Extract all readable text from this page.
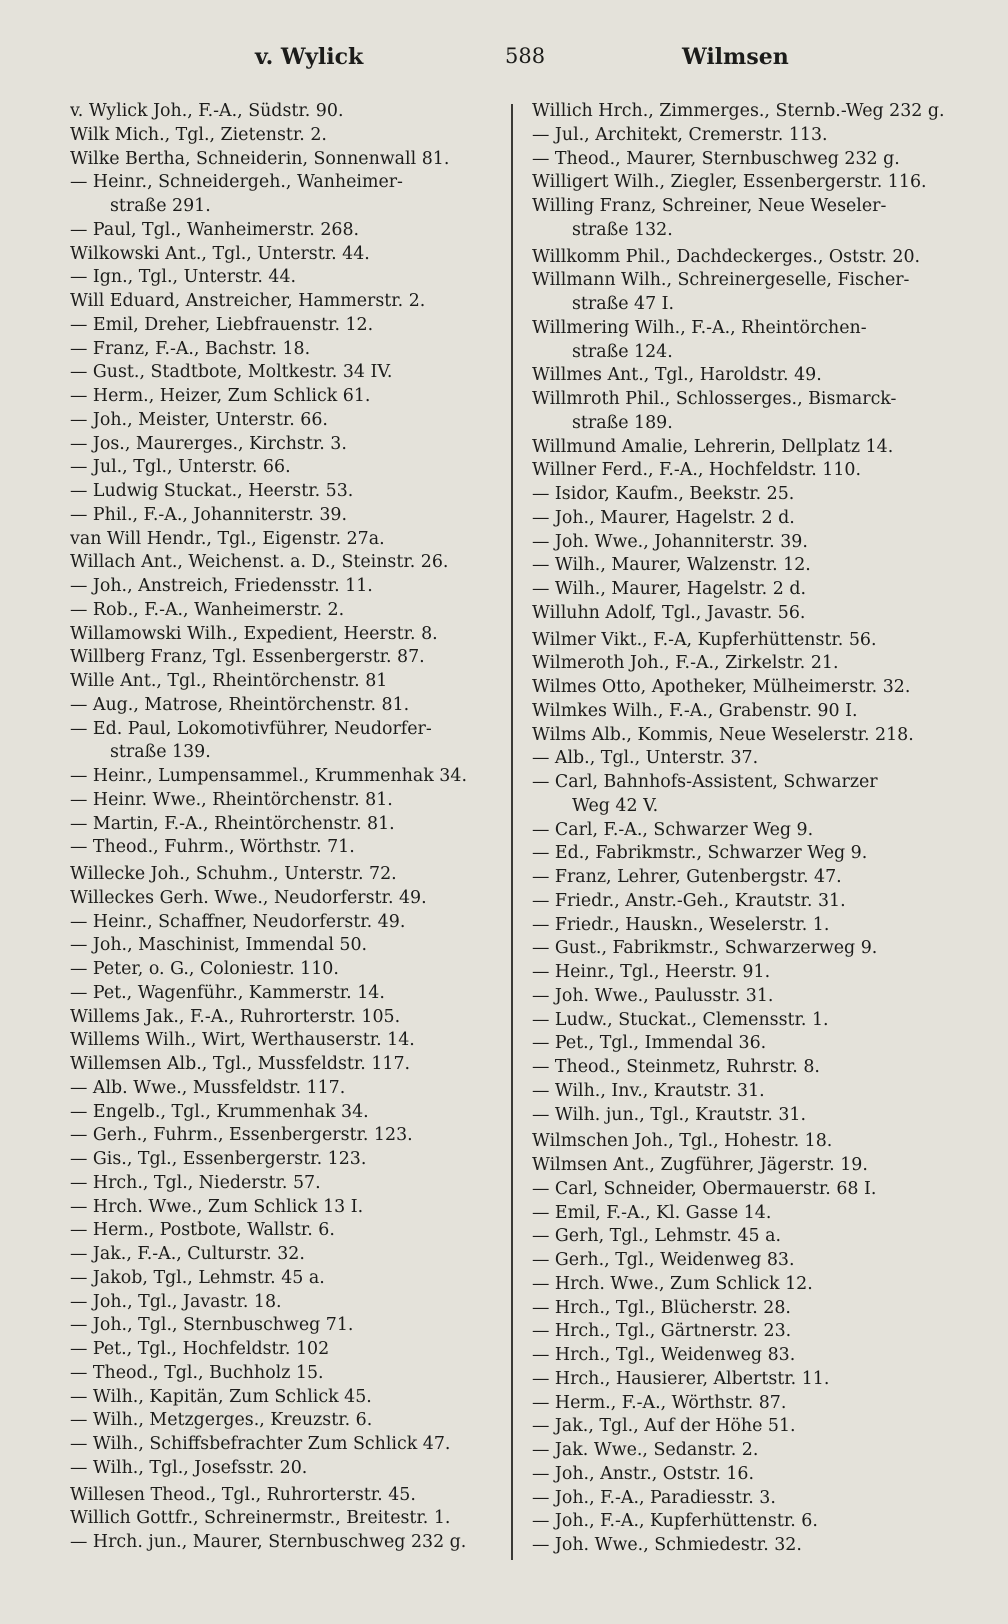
v. Wylick	588	Wilmsen
v. Wylick Joh., F.-A., Südstr. 90.
Wilk Mich., Tgl., Zietenstr. 2.
Wilke Bertha, Schneiderin, Sonnenwall 81.
— Heinr., Schneidergeh., Wanheimer-
straße 291.
— Paul, Tgl., Wanheimerstr. 268.
Wilkowski Ant., Tgl., Unterstr. 44.
— Ign., Tgl., Unterstr. 44.
Will Eduard, Anstreicher, Hammerstr. 2.
— Emil, Dreher, Liebfrauenstr. 12.
— Franz, F.-A., Bachstr. 18.
— Gust., Stadtbote, Moltkestr. 34 IV.
— Herm., Heizer, Zum Schlick 61.
— Joh., Meister, Unterstr. 66.
— Jos., Maurerges., Kirchstr. 3.
— Jul., Tgl., Unterstr. 66.
— Ludwig Stuckat., Heerstr. 53.
— Phil., F.-A., Johanniterstr. 39.
van Will Hendr., Tgl., Eigenstr. 27a.
Willach Ant., Weichenst. a. D., Steinstr. 26.
— Joh., Anstreich, Friedensstr. 11.
— Rob., F.-A., Wanheimerstr. 2.
Willamowski Wilh., Expedient, Heerstr. 8.
Willberg Franz, Tgl. Essenbergerstr. 87.
Wille Ant., Tgl., Rheintörchenstr. 81
— Aug., Matrose, Rheintörchenstr. 81.
— Ed. Paul, Lokomotivführer, Neudorfer-
straße 139.
— Heinr., Lumpensammel., Krummenhak 34.
— Heinr. Wwe., Rheintörchenstr. 81.
— Martin, F.-A., Rheintörchenstr. 81.
— Theod., Fuhrm., Wörthstr. 71.
Willecke Joh., Schuhm., Unterstr. 72.
Willeckes Gerh. Wwe., Neudorferstr. 49.
— Heinr., Schaffner, Neudorferstr. 49.
— Joh., Maschinist, Immendal 50.
— Peter, o. G., Coloniestr. 110.
— Pet., Wagenführ., Kammerstr. 14.
Willems Jak., F.-A., Ruhrorterstr. 105.
Willems Wilh., Wirt, Werthauserstr. 14.
Willemsen Alb., Tgl., Mussfeldstr. 117.
— Alb. Wwe., Mussfeldstr. 117.
— Engelb., Tgl., Krummenhak 34.
— Gerh., Fuhrm., Essenbergerstr. 123.
— Gis., Tgl., Essenbergerstr. 123.
— Hrch., Tgl., Niederstr. 57.
— Hrch. Wwe., Zum Schlick 13 I.
— Herm., Postbote, Wallstr. 6.
— Jak., F.-A., Culturstr. 32.
— Jakob, Tgl., Lehmstr. 45 a.
— Joh., Tgl., Javastr. 18.
— Joh., Tgl., Sternbuschweg 71.
— Pet., Tgl., Hochfeldstr. 102
— Theod., Tgl., Buchholz 15.
— Wilh., Kapitän, Zum Schlick 45.
— Wilh., Metzgerges., Kreuzstr. 6.
— Wilh., Schiffsbefrachter Zum Schlick 47.
— Wilh., Tgl., Josefsstr. 20.
Willesen Theod., Tgl., Ruhrorterstr. 45.
Willich Gottfr., Schreinermstr., Breitestr. 1.
— Hrch. jun., Maurer, Sternbuschweg 232 g.
Willich Hrch., Zimmerges., Sternb.-Weg 232 g.
— Jul., Architekt, Cremerstr. 113.
— Theod., Maurer, Sternbuschweg 232 g.
Willigert Wilh., Ziegler, Essenbergerstr. 116.
Willing Franz, Schreiner, Neue Weseler-
straße 132.
Willkomm Phil., Dachdeckerges., Oststr. 20.
Willmann Wilh., Schreinergeselle, Fischer-
straße 47 I.
Willmering Wilh., F.-A., Rheintörchen-
straße 124.
Willmes Ant., Tgl., Haroldstr. 49.
Willmroth Phil., Schlosserges., Bismarck-
straße 189.
Willmund Amalie, Lehrerin, Dellplatz 14.
Willner Ferd., F.-A., Hochfeldstr. 110.
— Isidor, Kaufm., Beekstr. 25.
— Joh., Maurer, Hagelstr. 2 d.
— Joh. Wwe., Johanniterstr. 39.
— Wilh., Maurer, Walzenstr. 12.
— Wilh., Maurer, Hagelstr. 2 d.
Willuhn Adolf, Tgl., Javastr. 56.
Wilmer Vikt., F.-A, Kupferhüttenstr. 56.
Wilmeroth Joh., F.-A., Zirkelstr. 21.
Wilmes Otto, Apotheker, Mülheimerstr. 32.
Wilmkes Wilh., F.-A., Grabenstr. 90 I.
Wilms Alb., Kommis, Neue Weselerstr. 218.
— Alb., Tgl., Unterstr. 37.
— Carl, Bahnhofs-Assistent, Schwarzer
Weg 42 V.
— Carl, F.-A., Schwarzer Weg 9.
— Ed., Fabrikmstr., Schwarzer Weg 9.
— Franz, Lehrer, Gutenbergstr. 47.
— Friedr., Anstr.-Geh., Krautstr. 31.
— Friedr., Hauskn., Weselerstr. 1.
— Gust., Fabrikmstr., Schwarzerweg 9.
— Heinr., Tgl., Heerstr. 91.
— Joh. Wwe., Paulusstr. 31.
— Ludw., Stuckat., Clemensstr. 1.
— Pet., Tgl., Immendal 36.
— Theod., Steinmetz, Ruhrstr. 8.
— Wilh., Inv., Krautstr. 31.
— Wilh. jun., Tgl., Krautstr. 31.
Wilmschen Joh., Tgl., Hohestr. 18.
Wilmsen Ant., Zugführer, Jägerstr. 19.
— Carl, Schneider, Obermauerstr. 68 I.
— Emil, F.-A., Kl. Gasse 14.
— Gerh, Tgl., Lehmstr. 45 a.
— Gerh., Tgl., Weidenweg 83.
— Hrch. Wwe., Zum Schlick 12.
— Hrch., Tgl., Blücherstr. 28.
— Hrch., Tgl., Gärtnerstr. 23.
— Hrch., Tgl., Weidenweg 83.
— Hrch., Hausierer, Albertstr. 11.
— Herm., F.-A., Wörthstr. 87.
— Jak., Tgl., Auf der Höhe 51.
— Jak. Wwe., Sedanstr. 2.
— Joh., Anstr., Oststr. 16.
— Joh., F.-A., Paradiesstr. 3.
— Joh., F.-A., Kupferhüttenstr. 6.
— Joh. Wwe., Schmiedestr. 32.
